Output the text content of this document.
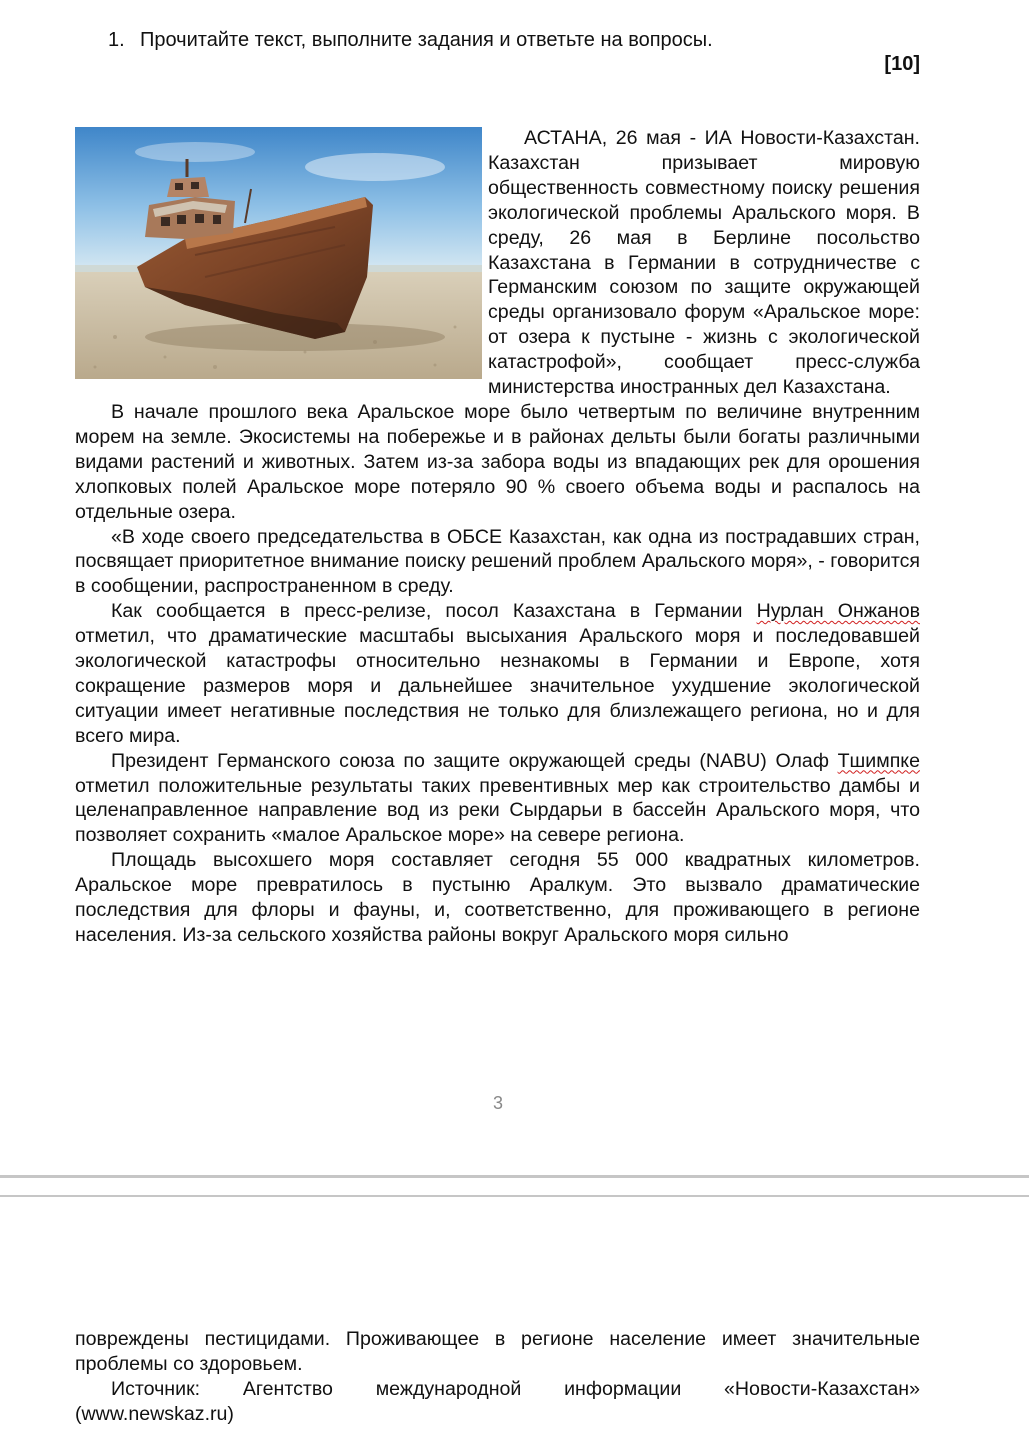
1. Прочитайте текст, выполните задания и ответьте на вопросы.
[10]

АСТАНА, 26 мая - ИА Новости-Казахстан. Казахстан призывает мировую общественность совместному поиску решения экологической проблемы Аральского моря. В среду, 26 мая в Берлине посольство Казахстана в Германии в сотрудничестве с Германским союзом по защите окружающей среды организовало форум «Аральское море: от озера к пустыне - жизнь с экологической катастрофой», сообщает пресс-служба министерства иностранных дел Казахстана.

В начале прошлого века Аральское море было четвертым по величине внутренним морем на земле. Экосистемы на побережье и в районах дельты были богаты различными видами растений и животных. Затем из-за забора воды из впадающих рек для орошения хлопковых полей Аральское море потеряло 90 % своего объема воды и распалось на отдельные озера.

«В ходе своего председательства в ОБСЕ Казахстан, как одна из пострадавших стран, посвящает приоритетное внимание поиску решений проблем Аральского моря», - говорится в сообщении, распространенном в среду.

Как сообщается в пресс-релизе, посол Казахстана в Германии Нурлан Онжанов отметил, что драматические масштабы высыхания Аральского моря и последовавшей экологической катастрофы относительно незнакомы в Германии и Европе, хотя сокращение размеров моря и дальнейшее значительное ухудшение экологической ситуации имеет негативные последствия не только для близлежащего региона, но и для всего мира.

Президент Германского союза по защите окружающей среды (NABU) Олаф Тшимпке отметил положительные результаты таких превентивных мер как строительство дамбы и целенаправленное направление вод из реки Сырдарьи в бассейн Аральского моря, что позволяет сохранить «малое Аральское море» на севере региона.

Площадь высохшего моря составляет сегодня 55 000 квадратных километров. Аральское море превратилось в пустыню Аралкум. Это вызвало драматические последствия для флоры и фауны, и, соответственно, для проживающего в регионе населения. Из-за сельского хозяйства районы вокруг Аральского моря сильно

3

повреждены пестицидами. Проживающее в регионе население имеет значительные проблемы со здоровьем.

Источник: Агентство международной информации «Новости-Казахстан» (www.newskaz.ru)
